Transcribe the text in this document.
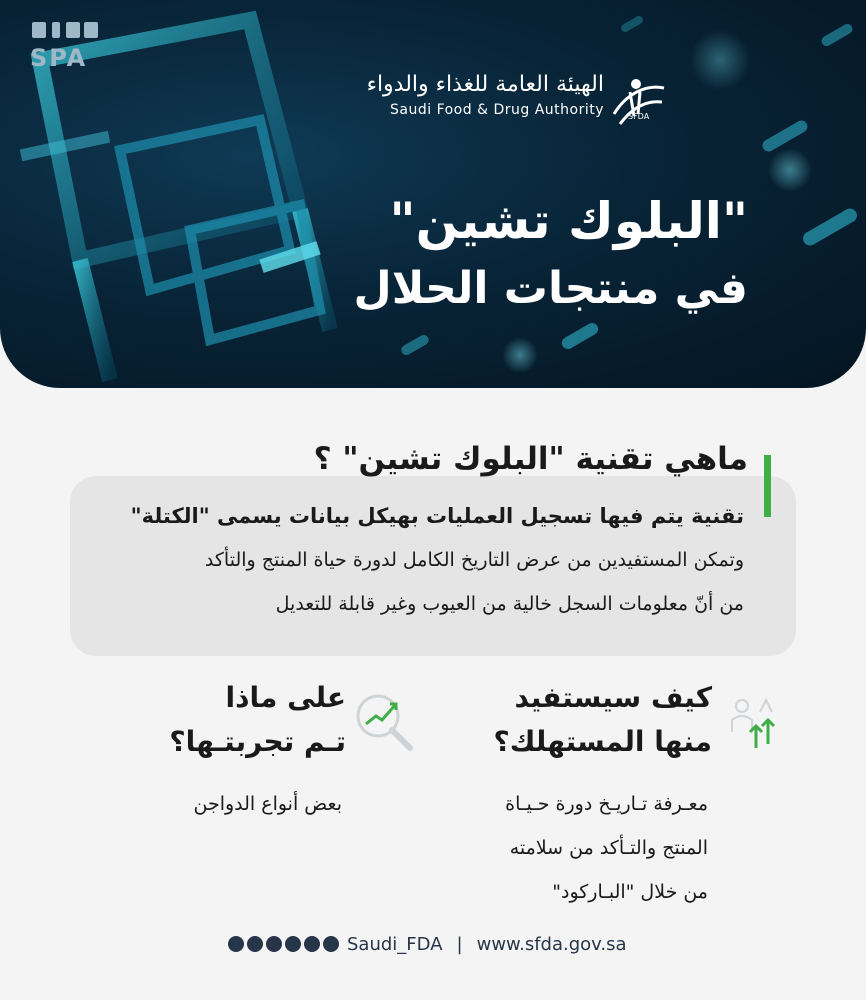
SPA
الهيئة العامة للغذاء والدواء
Saudi Food & Drug Authority	SFDA
"البلوك تشين"
في منتجات الحلال
ماهي تقنية "البلوك تشين" ؟
تقنية يتم فيها تسجيل العمليات بهيكل بيانات يسمى "الكتلة"
وتمكن المستفيدين من عرض التاريخ الكامل لدورة حياة المنتج والتأكد
من أنّ معلومات السجل خالية من العيوب وغير قابلة للتعديل
كيف سيستفيد
منها المستهلك؟
معـرفة تـاريـخ دورة حـيـاة
المنتج والتـأكد من سلامته
من خلال "البـاركود"
على ماذا
تـم تجربتـها؟
بعض أنواع الدواجن
Saudi_FDA | www.sfda.gov.sa
